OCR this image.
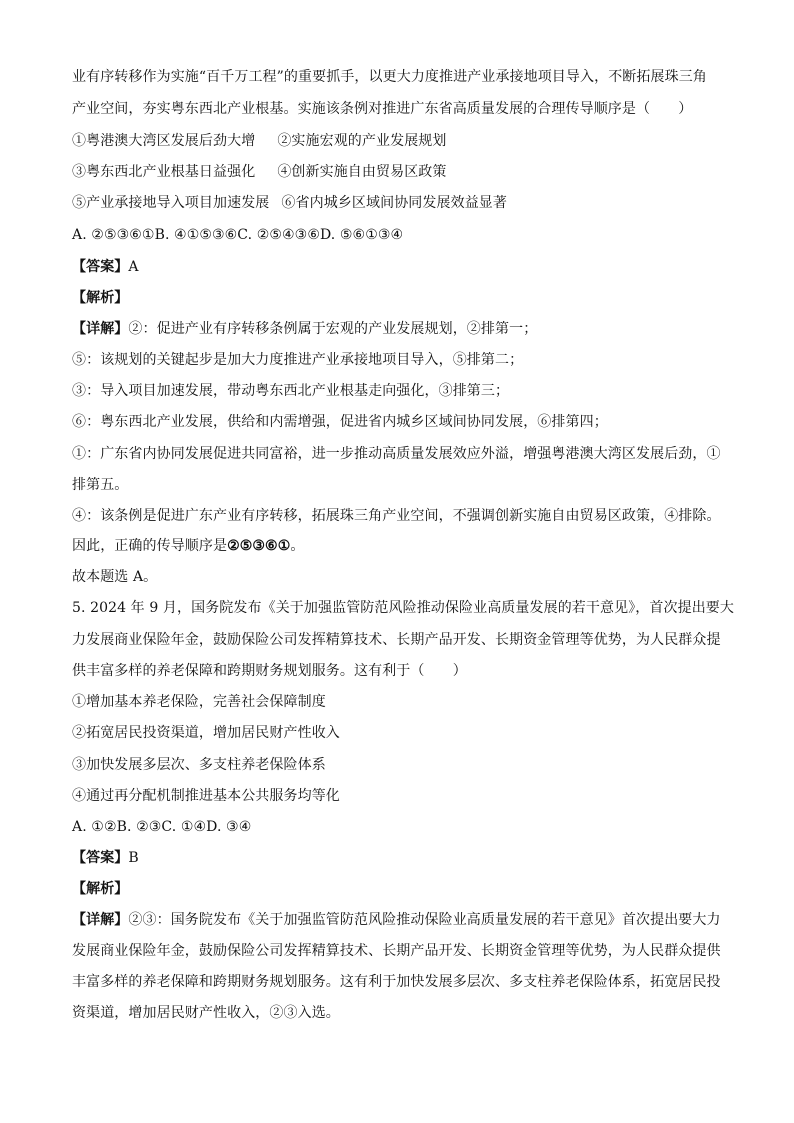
业有序转移作为实施“百千万工程”的重要抓手，以更大力度推进产业承接地项目导入，不断拓展珠三角
产业空间，夯实粤东西北产业根基。实施该条例对推进广东省高质量发展的合理传导顺序是（　　）
①粤港澳大湾区发展后劲大增 ②实施宏观的产业发展规划
③粤东西北产业根基日益强化 ④创新实施自由贸易区政策
⑤产业承接地导入项目加速发展 ⑥省内城乡区域间协同发展效益显著
A. ②⑤③⑥①B. ④①⑤③⑥C. ②⑤④③⑥D. ⑤⑥①③④
【答案】A
【解析】
【详解】②：促进产业有序转移条例属于宏观的产业发展规划，②排第一；
⑤：该规划的关键起步是加大力度推进产业承接地项目导入，⑤排第二；
③：导入项目加速发展，带动粤东西北产业根基走向强化，③排第三；
⑥：粤东西北产业发展，供给和内需增强，促进省内城乡区域间协同发展，⑥排第四；
①：广东省内协同发展促进共同富裕，进一步推动高质量发展效应外溢，增强粤港澳大湾区发展后劲，①
排第五。
④：该条例是促进广东产业有序转移，拓展珠三角产业空间，不强调创新实施自由贸易区政策，④排除。
因此，正确的传导顺序是②⑤③⑥①。
故本题选 A。
5. 2024 年 9 月，国务院发布《关于加强监管防范风险推动保险业高质量发展的若干意见》，首次提出要大
力发展商业保险年金，鼓励保险公司发挥精算技术、长期产品开发、长期资金管理等优势，为人民群众提
供丰富多样的养老保障和跨期财务规划服务。这有利于（　　）
①增加基本养老保险，完善社会保障制度
②拓宽居民投资渠道，增加居民财产性收入
③加快发展多层次、多支柱养老保险体系
④通过再分配机制推进基本公共服务均等化
A. ①②B. ②③C. ①④D. ③④
【答案】B
【解析】
【详解】②③：国务院发布《关于加强监管防范风险推动保险业高质量发展的若干意见》首次提出要大力
发展商业保险年金，鼓励保险公司发挥精算技术、长期产品开发、长期资金管理等优势，为人民群众提供
丰富多样的养老保障和跨期财务规划服务。这有利于加快发展多层次、多支柱养老保险体系，拓宽居民投
资渠道，增加居民财产性收入，②③入选。
